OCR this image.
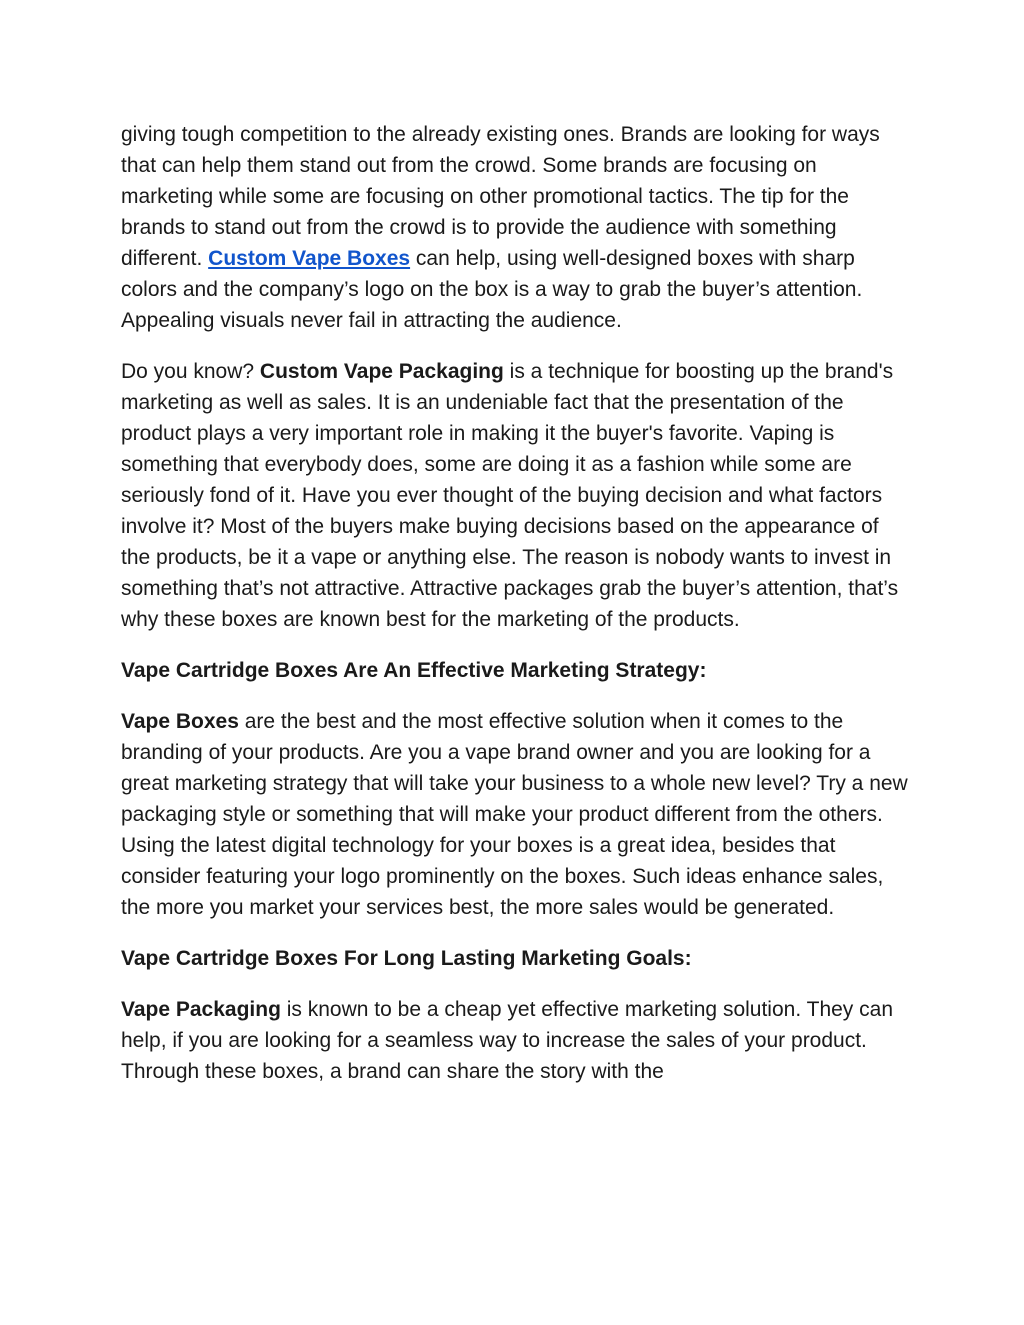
giving tough competition to the already existing ones. Brands are looking for ways that can help them stand out from the crowd. Some brands are focusing on marketing while some are focusing on other promotional tactics. The tip for the brands to stand out from the crowd is to provide the audience with something different. Custom Vape Boxes can help, using well-designed boxes with sharp colors and the company’s logo on the box is a way to grab the buyer’s attention. Appealing visuals never fail in attracting the audience.

Do you know? Custom Vape Packaging is a technique for boosting up the brand's marketing as well as sales. It is an undeniable fact that the presentation of the product plays a very important role in making it the buyer's favorite. Vaping is something that everybody does, some are doing it as a fashion while some are seriously fond of it. Have you ever thought of the buying decision and what factors involve it? Most of the buyers make buying decisions based on the appearance of the products, be it a vape or anything else. The reason is nobody wants to invest in something that’s not attractive. Attractive packages grab the buyer’s attention, that’s why these boxes are known best for the marketing of the products.

Vape Cartridge Boxes Are An Effective Marketing Strategy:

Vape Boxes are the best and the most effective solution when it comes to the branding of your products. Are you a vape brand owner and you are looking for a great marketing strategy that will take your business to a whole new level? Try a new packaging style or something that will make your product different from the others. Using the latest digital technology for your boxes is a great idea, besides that consider featuring your logo prominently on the boxes. Such ideas enhance sales, the more you market your services best, the more sales would be generated.

Vape Cartridge Boxes For Long Lasting Marketing Goals:

Vape Packaging is known to be a cheap yet effective marketing solution. They can help, if you are looking for a seamless way to increase the sales of your product. Through these boxes, a brand can share the story with the
